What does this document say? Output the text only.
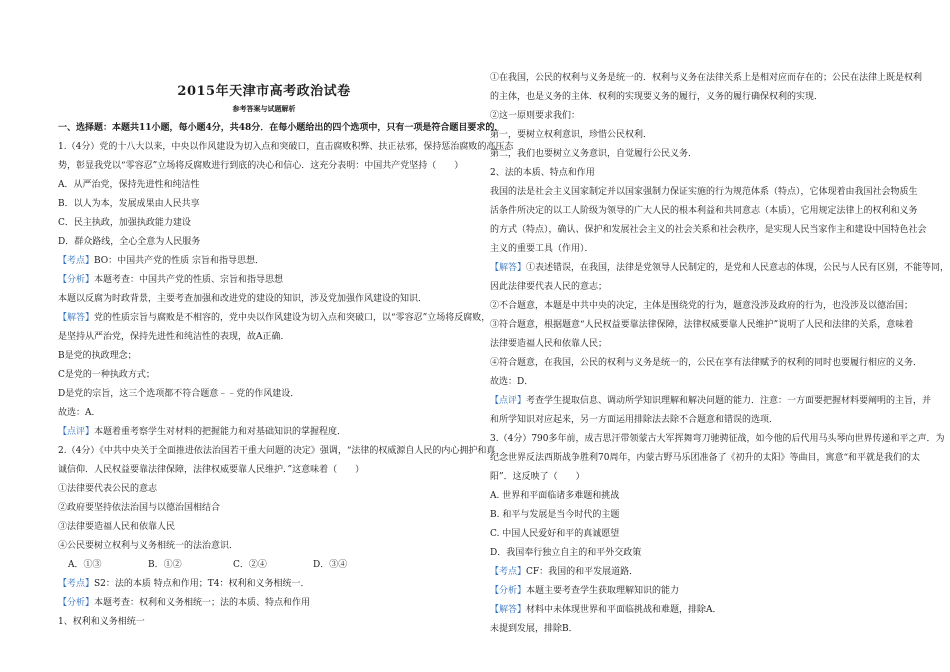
2015年天津市高考政治试卷
参考答案与试题解析
一、选择题：本题共11小题，每小题4分，共48分．在每小题给出的四个选项中，只有一项是符合题目要求的．
1.（4分）党的十八大以来，中央以作风建设为切入点和突破口，直击腐败积弊、扶正祛邪，保持惩治腐败的高压态
势，彰显我党以“零容忍”立场将反腐败进行到底的决心和信心．这充分表明：中国共产党坚持（　　）
A．从严治党，保持先进性和纯洁性
B．以人为本，发展成果由人民共享
C．民主执政，加强执政能力建设
D．群众路线，全心全意为人民服务
【考点】BO：中国共产党的性质 宗旨和指导思想．
【分析】本题考查：中国共产党的性质、宗旨和指导思想
本题以反腐为时政背景，主要考查加强和改进党的建设的知识，涉及党加强作风建设的知识．
【解答】党的性质宗旨与腐败是不相容的，党中央以作风建设为切入点和突破口，以“零容忍”立场将反腐败，
是坚持从严治党，保持先进性和纯洁性的表现，故A正确．
B是党的执政理念；
C是党的一种执政方式；
D是党的宗旨，这三个选项都不符合题意﹣﹣党的作风建设．
故选：A．
【点评】本题着重考察学生对材料的把握能力和对基础知识的掌握程度．
2.（4分）《中共中央关于全面推进依法治国若干重大问题的决定》强调，“法律的权威源自人民的内心拥护和真
诚信仰．人民权益要靠法律保障，法律权威要靠人民维护．”这意味着（　　）
①法律要代表公民的意志
②政府要坚持依法治国与以德治国相结合
③法律要造福人民和依靠人民
④公民要树立权利与义务相统一的法治意识．
A．①③	B．①②	C．②④	D．③④
【考点】S2：法的本质 特点和作用；T4：权利和义务相统一．
【分析】本题考查：权利和义务相统一；法的本质、特点和作用
1、权利和义务相统一
①在我国，公民的权利与义务是统一的．权利与义务在法律关系上是相对应而存在的；公民在法律上既是权利
的主体，也是义务的主体．权利的实现要义务的履行，义务的履行确保权利的实现．
②这一原则要求我们：
第一，要树立权利意识，珍惜公民权利．
第二，我们也要树立义务意识，自觉履行公民义务．
2、法的本质、特点和作用
我国的法是社会主义国家制定并以国家强制力保证实施的行为规范体系（特点），它体现着由我国社会物质生
活条件所决定的以工人阶级为领导的广大人民的根本利益和共同意志（本质），它用规定法律上的权利和义务
的方式（特点），确认、保护和发展社会主义的社会关系和社会秩序，是实现人民当家作主和建设中国特色社会
主义的重要工具（作用）．
【解答】①表述错误，在我国，法律是党领导人民制定的，是党和人民意志的体现，公民与人民有区别，不能等同，
因此法律要代表人民的意志；
②不合题意，本题是中共中央的决定，主体是围绕党的行为，题意没涉及政府的行为，也没涉及以德治国；
③符合题意，根据题意“人民权益要靠法律保障，法律权威要靠人民维护”说明了人民和法律的关系，意味着
法律要造福人民和依靠人民；
④符合题意，在我国，公民的权利与义务是统一的，公民在享有法律赋予的权利的同时也要履行相应的义务．
故选：D．
【点评】考查学生提取信息、调动所学知识理解和解决问题的能力．注意：一方面要把握材料要阐明的主旨，并
和所学知识对应起来，另一方面运用排除法去除不合题意和错误的选项．
3.（4分）790多年前，成吉思汗带领蒙古大军挥舞弯刀驰骋征战，如今他的后代用马头琴向世界传递和平之声．为
纪念世界反法西斯战争胜利70周年，内蒙古野马乐团准备了《初升的太阳》等曲目，寓意“和平就是我们的太
阳”．这反映了（　　）
A. 世界和平面临诸多难题和挑战
B. 和平与发展是当今时代的主题
C. 中国人民爱好和平的真诚愿望
D．我国奉行独立自主的和平外交政策
【考点】CF：我国的和平发展道路．
【分析】本题主要考查学生获取理解知识的能力
【解答】材料中未体现世界和平面临挑战和难题，排除A．
未提到发展，排除B．
